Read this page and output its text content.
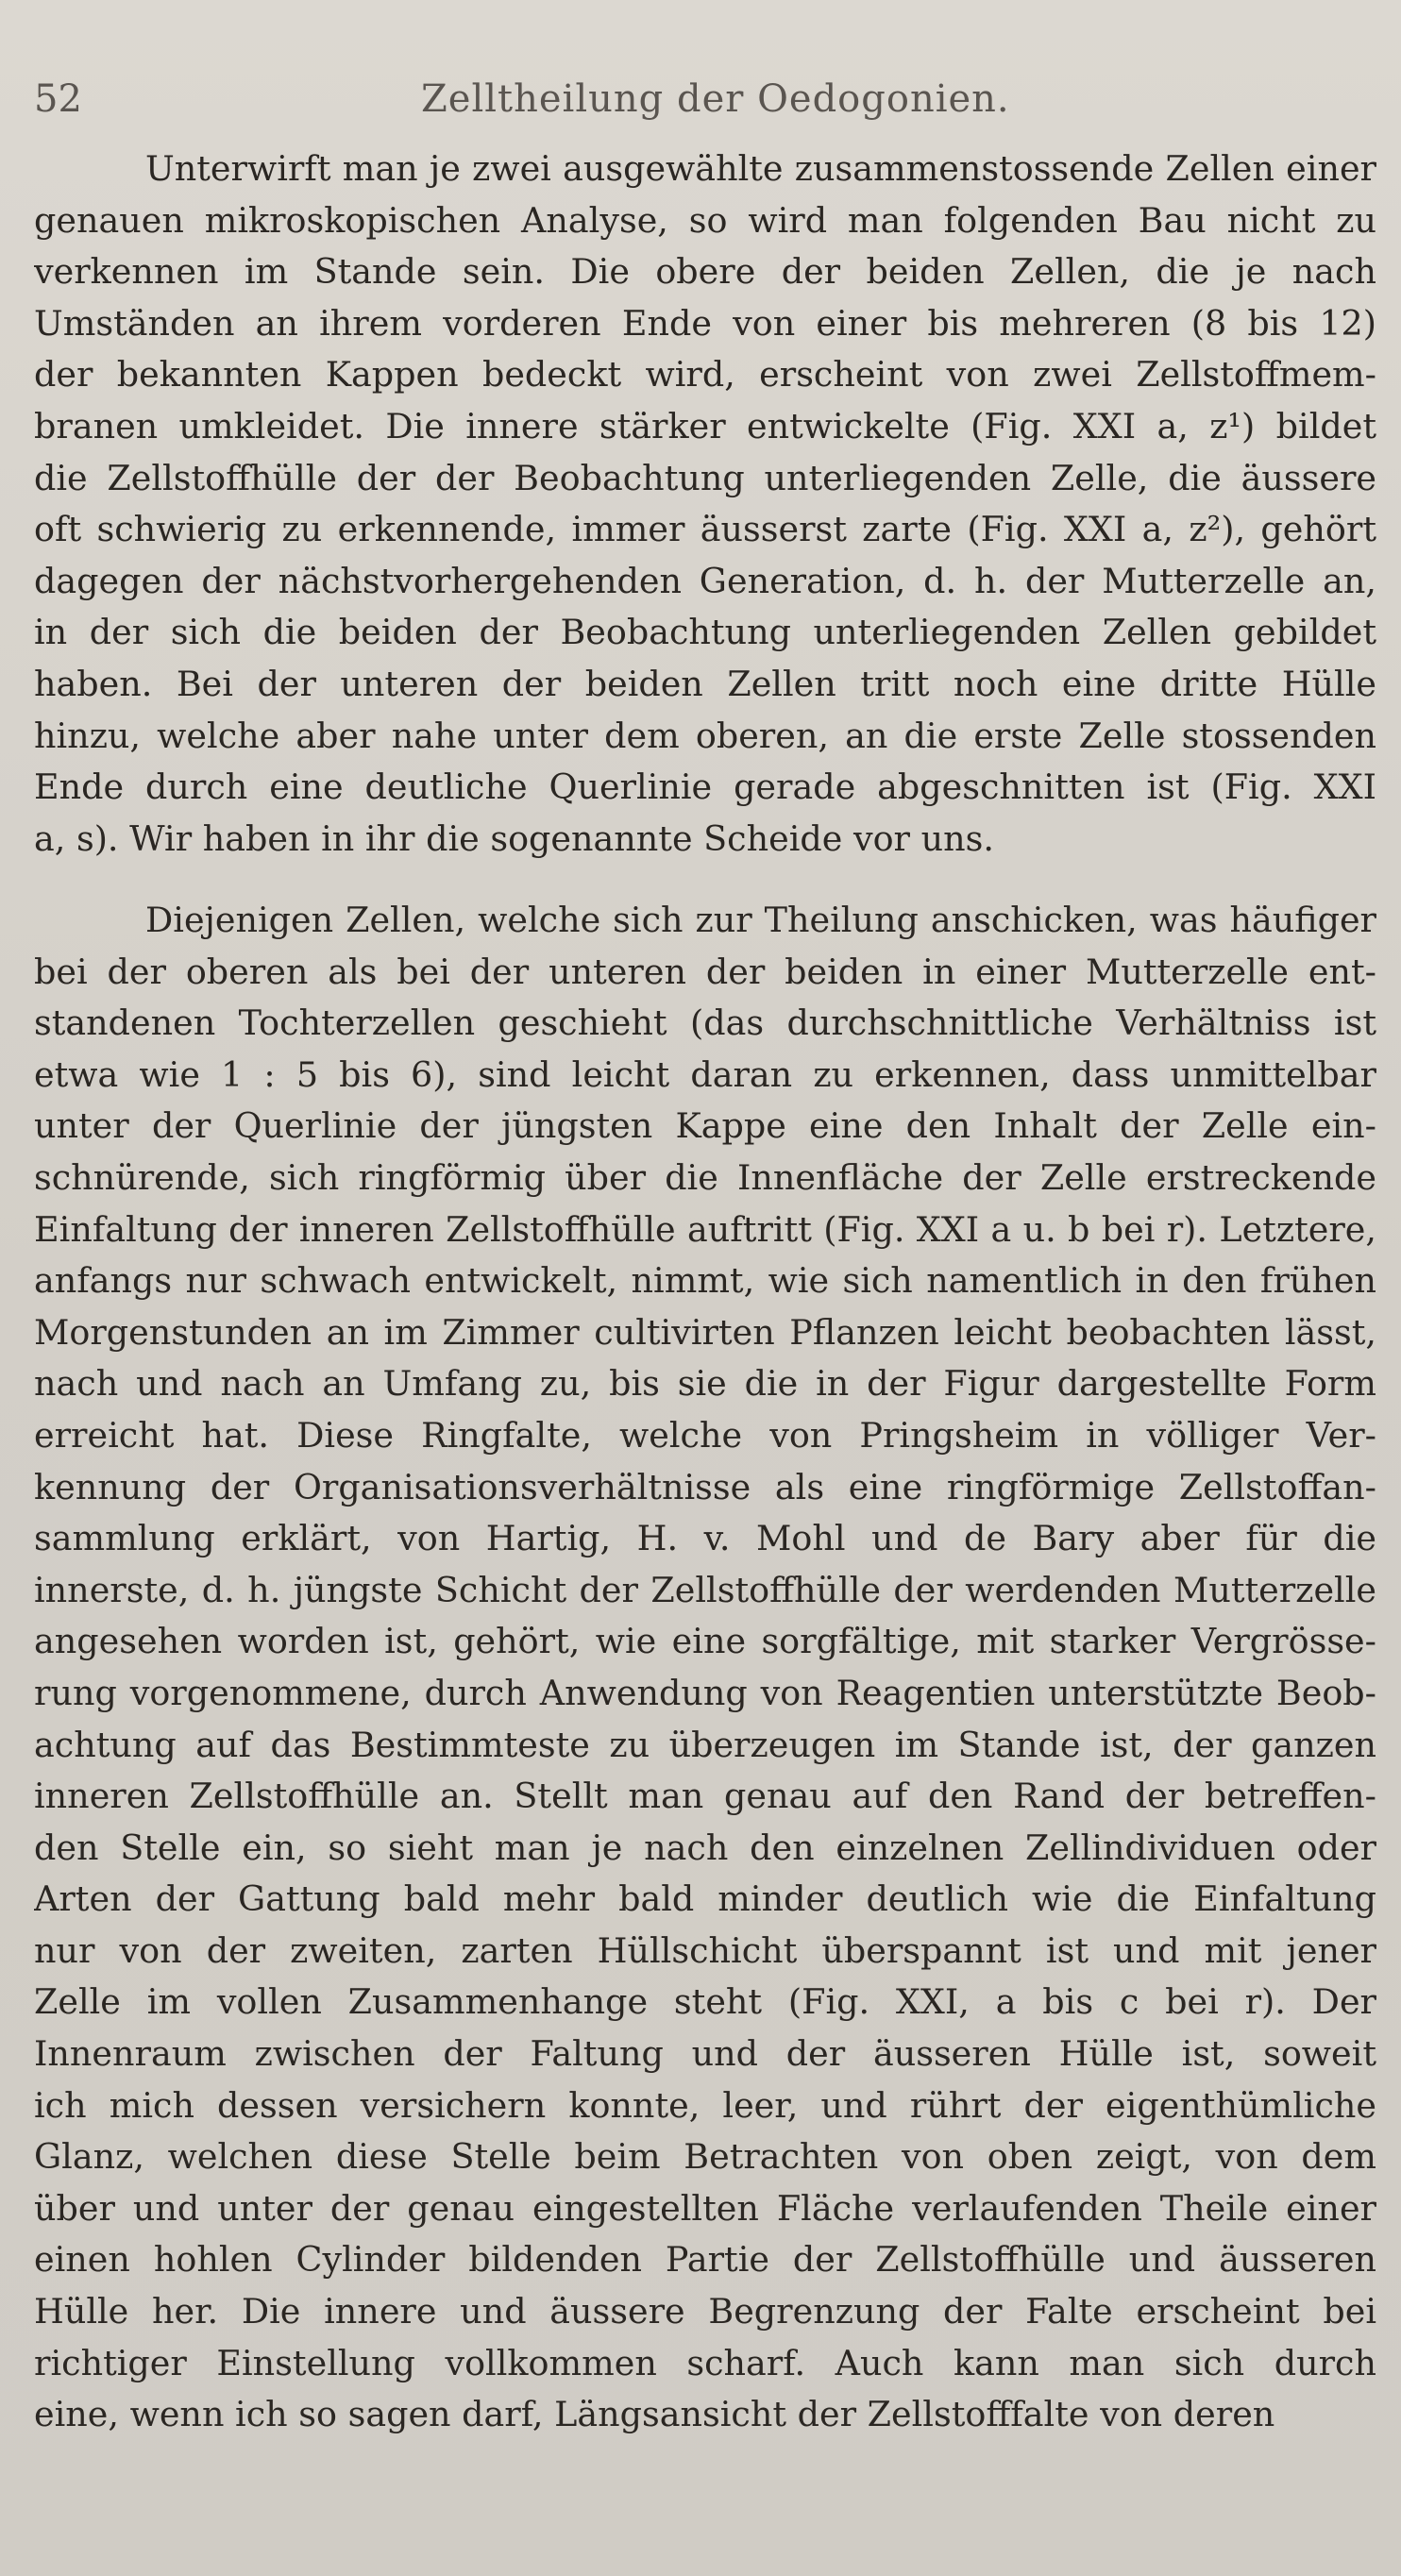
52	Zelltheilung der Oedogonien.
Unterwirft man je zwei ausgewählte zusammenstossende Zellen einer
genauen mikroskopischen Analyse, so wird man folgenden Bau nicht zu
verkennen im Stande sein. Die obere der beiden Zellen, die je nach
Umständen an ihrem vorderen Ende von einer bis mehreren (8 bis 12)
der bekannten Kappen bedeckt wird, erscheint von zwei Zellstoffmem-
branen umkleidet. Die innere stärker entwickelte (Fig. XXI a, z¹) bildet
die Zellstoffhülle der der Beobachtung unterliegenden Zelle, die äussere
oft schwierig zu erkennende, immer äusserst zarte (Fig. XXI a, z²), gehört
dagegen der nächstvorhergehenden Generation, d. h. der Mutterzelle an,
in der sich die beiden der Beobachtung unterliegenden Zellen gebildet
haben. Bei der unteren der beiden Zellen tritt noch eine dritte Hülle
hinzu, welche aber nahe unter dem oberen, an die erste Zelle stossenden
Ende durch eine deutliche Querlinie gerade abgeschnitten ist (Fig. XXI
a, s). Wir haben in ihr die sogenannte Scheide vor uns.
Diejenigen Zellen, welche sich zur Theilung anschicken, was häufiger
bei der oberen als bei der unteren der beiden in einer Mutterzelle ent-
standenen Tochterzellen geschieht (das durchschnittliche Verhältniss ist
etwa wie 1 : 5 bis 6), sind leicht daran zu erkennen, dass unmittelbar
unter der Querlinie der jüngsten Kappe eine den Inhalt der Zelle ein-
schnürende, sich ringförmig über die Innenfläche der Zelle erstreckende
Einfaltung der inneren Zellstoffhülle auftritt (Fig. XXI a u. b bei r). Letztere,
anfangs nur schwach entwickelt, nimmt, wie sich namentlich in den frühen
Morgenstunden an im Zimmer cultivirten Pflanzen leicht beobachten lässt,
nach und nach an Umfang zu, bis sie die in der Figur dargestellte Form
erreicht hat. Diese Ringfalte, welche von Pringsheim in völliger Ver-
kennung der Organisationsverhältnisse als eine ringförmige Zellstoffan-
sammlung erklärt, von Hartig, H. v. Mohl und de Bary aber für die
innerste, d. h. jüngste Schicht der Zellstoffhülle der werdenden Mutterzelle
angesehen worden ist, gehört, wie eine sorgfältige, mit starker Vergrösse-
rung vorgenommene, durch Anwendung von Reagentien unterstützte Beob-
achtung auf das Bestimmteste zu überzeugen im Stande ist, der ganzen
inneren Zellstoffhülle an. Stellt man genau auf den Rand der betreffen-
den Stelle ein, so sieht man je nach den einzelnen Zellindividuen oder
Arten der Gattung bald mehr bald minder deutlich wie die Einfaltung
nur von der zweiten, zarten Hüllschicht überspannt ist und mit jener
Zelle im vollen Zusammenhange steht (Fig. XXI, a bis c bei r). Der
Innenraum zwischen der Faltung und der äusseren Hülle ist, soweit
ich mich dessen versichern konnte, leer, und rührt der eigenthümliche
Glanz, welchen diese Stelle beim Betrachten von oben zeigt, von dem
über und unter der genau eingestellten Fläche verlaufenden Theile einer
einen hohlen Cylinder bildenden Partie der Zellstoffhülle und äusseren
Hülle her. Die innere und äussere Begrenzung der Falte erscheint bei
richtiger Einstellung vollkommen scharf. Auch kann man sich durch
eine, wenn ich so sagen darf, Längsansicht der Zellstofffalte von deren
